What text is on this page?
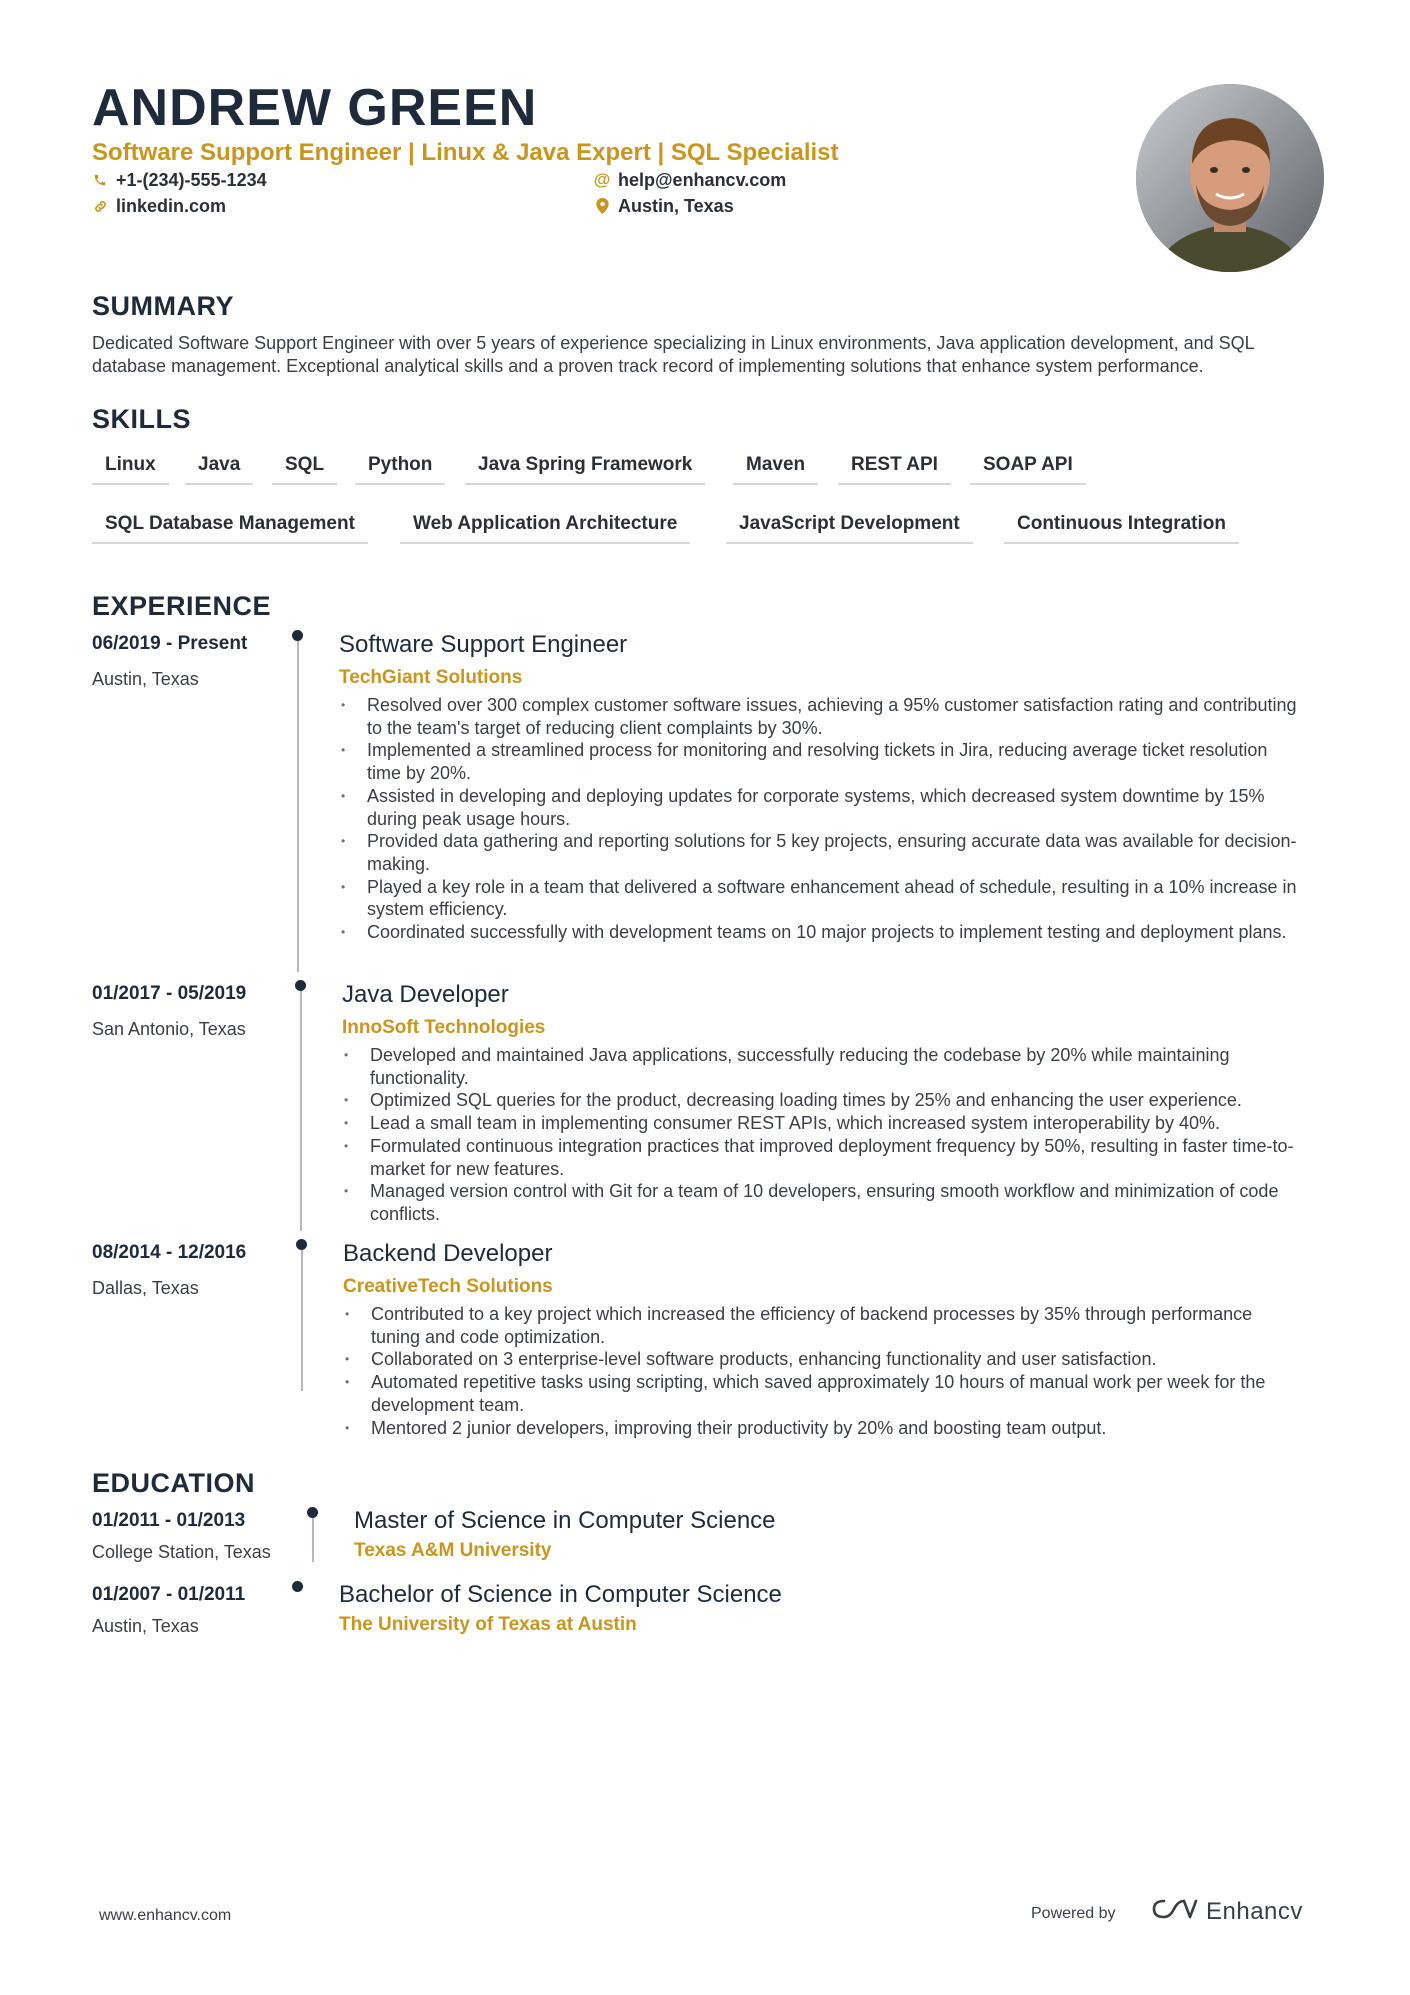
ANDREW GREEN
Software Support Engineer | Linux & Java Expert | SQL Specialist
+1-(234)-555-1234	@ help@enhancv.com
linkedin.com	Austin, Texas
SUMMARY
Dedicated Software Support Engineer with over 5 years of experience specializing in Linux environments, Java application development, and SQL database management. Exceptional analytical skills and a proven track record of implementing solutions that enhance system performance.
SKILLS
Linux	Java	SQL	Python	Java Spring Framework	Maven	REST API	SOAP API
SQL Database Management	Web Application Architecture	JavaScript Development	Continuous Integration
EXPERIENCE
06/2019 - Present
Austin, Texas
Software Support Engineer
TechGiant Solutions
• Resolved over 300 complex customer software issues, achieving a 95% customer satisfaction rating and contributing to the team's target of reducing client complaints by 30%.
• Implemented a streamlined process for monitoring and resolving tickets in Jira, reducing average ticket resolution time by 20%.
• Assisted in developing and deploying updates for corporate systems, which decreased system downtime by 15% during peak usage hours.
• Provided data gathering and reporting solutions for 5 key projects, ensuring accurate data was available for decision-making.
• Played a key role in a team that delivered a software enhancement ahead of schedule, resulting in a 10% increase in system efficiency.
• Coordinated successfully with development teams on 10 major projects to implement testing and deployment plans.
01/2017 - 05/2019
San Antonio, Texas
Java Developer
InnoSoft Technologies
• Developed and maintained Java applications, successfully reducing the codebase by 20% while maintaining functionality.
• Optimized SQL queries for the product, decreasing loading times by 25% and enhancing the user experience.
• Lead a small team in implementing consumer REST APIs, which increased system interoperability by 40%.
• Formulated continuous integration practices that improved deployment frequency by 50%, resulting in faster time-to-market for new features.
• Managed version control with Git for a team of 10 developers, ensuring smooth workflow and minimization of code conflicts.
08/2014 - 12/2016
Dallas, Texas
Backend Developer
CreativeTech Solutions
• Contributed to a key project which increased the efficiency of backend processes by 35% through performance tuning and code optimization.
• Collaborated on 3 enterprise-level software products, enhancing functionality and user satisfaction.
• Automated repetitive tasks using scripting, which saved approximately 10 hours of manual work per week for the development team.
• Mentored 2 junior developers, improving their productivity by 20% and boosting team output.
EDUCATION
01/2011 - 01/2013
College Station, Texas
Master of Science in Computer Science
Texas A&M University
01/2007 - 01/2011
Austin, Texas
Bachelor of Science in Computer Science
The University of Texas at Austin
www.enhancv.com	Powered by	Enhancv
